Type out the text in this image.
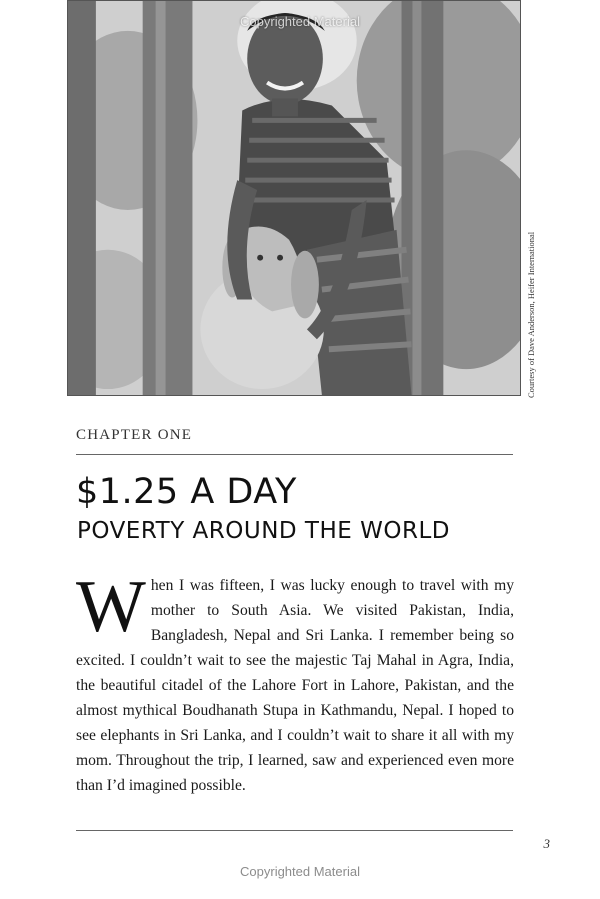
Courtesy of Dave Anderson, Heifer International
Copyrighted Material
CHAPTER ONE
$1.25 A DAY
POVERTY AROUND THE WORLD

When I was fifteen, I was lucky enough to travel with my mother to South Asia. We visited Pakistan, India, Bangladesh, Nepal and Sri Lanka. I remember being so excited. I couldn’t wait to see the majestic Taj Mahal in Agra, India, the beautiful citadel of the Lahore Fort in Lahore, Pakistan, and the almost mythical Boudhanath Stupa in Kathmandu, Nepal. I hoped to see elephants in Sri Lanka, and I couldn’t wait to share it all with my mom. Throughout the trip, I learned, saw and experienced even more than I’d imagined possible.

3
Copyrighted Material
